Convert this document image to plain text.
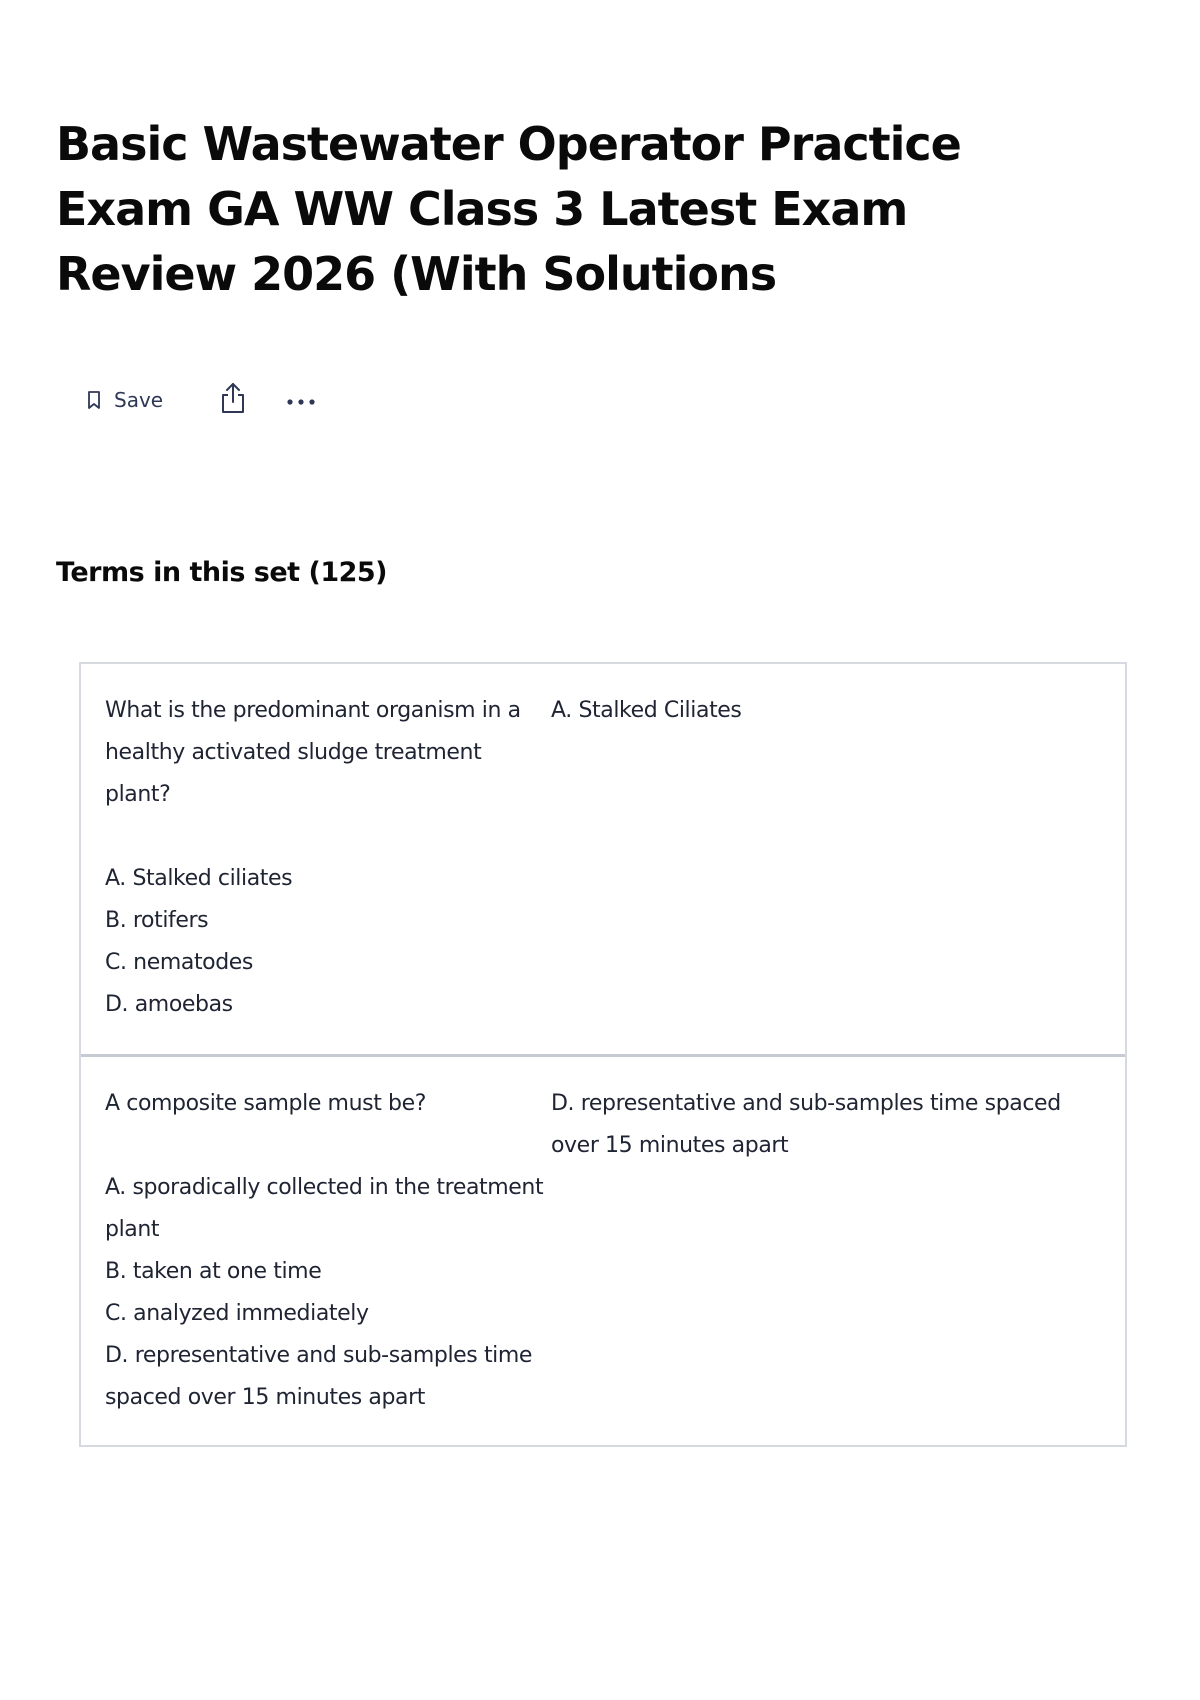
Basic Wastewater Operator Practice Exam GA WW Class 3 Latest Exam Review 2026 (With Solutions
Save
Terms in this set (125)
What is the predominant organism in a healthy activated sludge treatment plant?
A. Stalked ciliates
B. rotifers
C. nematodes
D. amoebas
A. Stalked Ciliates
A composite sample must be?
A. sporadically collected in the treatment plant
B. taken at one time
C. analyzed immediately
D. representative and sub-samples time spaced over 15 minutes apart
D. representative and sub-samples time spaced over 15 minutes apart
